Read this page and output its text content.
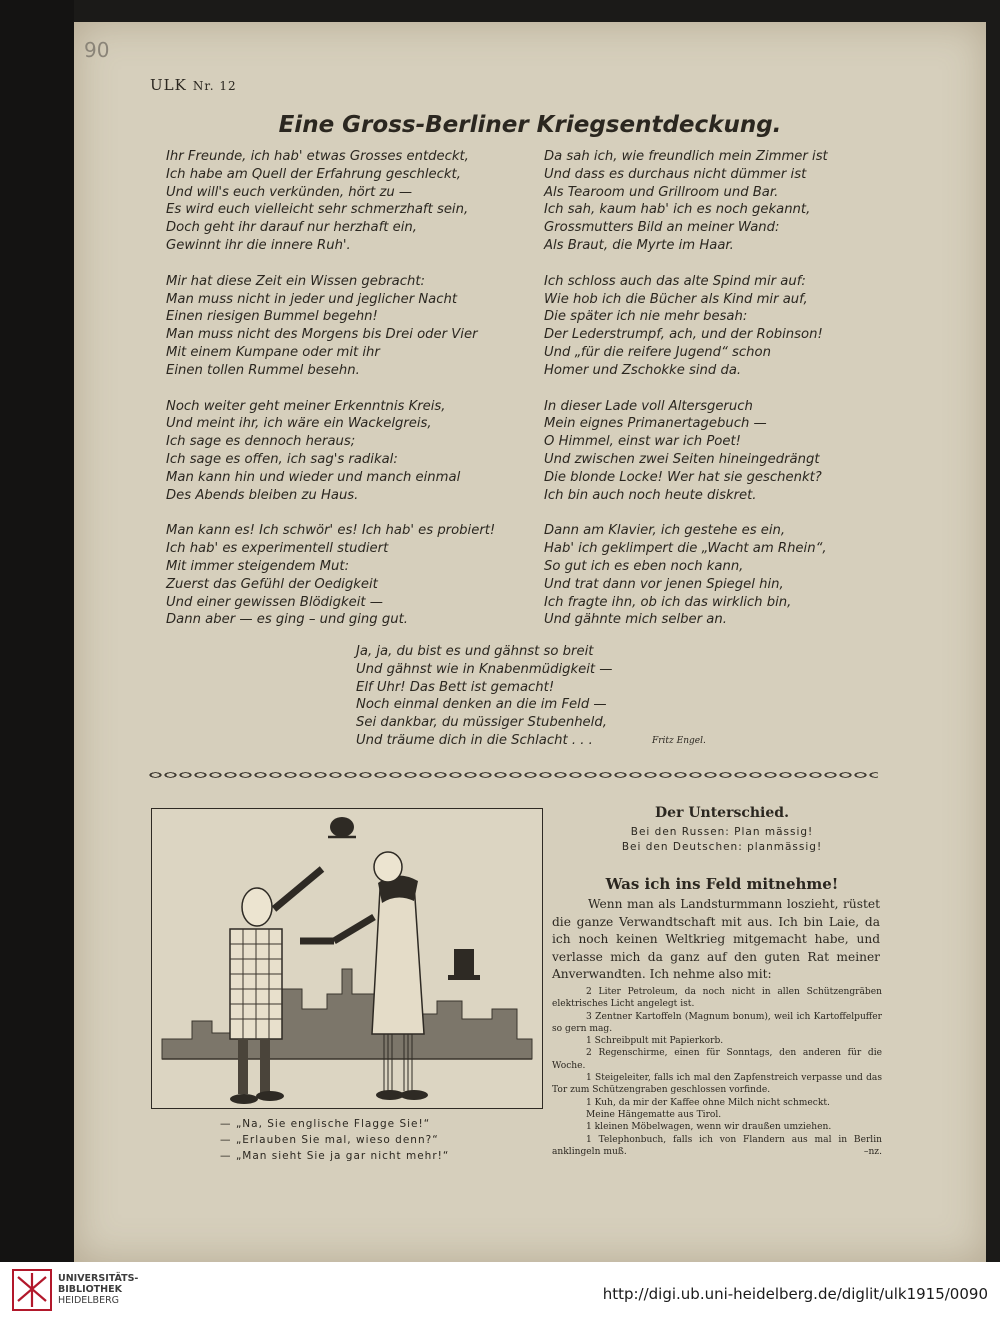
90
ULK Nr. 12
Eine Gross-Berliner Kriegsentdeckung.
Ihr Freunde, ich hab' etwas Grosses entdeckt,
Ich habe am Quell der Erfahrung geschleckt,
Und will's euch verkünden, hört zu —
Es wird euch vielleicht sehr schmerzhaft sein,
Doch geht ihr darauf nur herzhaft ein,
Gewinnt ihr die innere Ruh'.
Mir hat diese Zeit ein Wissen gebracht:
Man muss nicht in jeder und jeglicher Nacht
Einen riesigen Bummel begehn!
Man muss nicht des Morgens bis Drei oder Vier
Mit einem Kumpane oder mit ihr
Einen tollen Rummel besehn.
Noch weiter geht meiner Erkenntnis Kreis,
Und meint ihr, ich wäre ein Wackelgreis,
Ich sage es dennoch heraus;
Ich sage es offen, ich sag's radikal:
Man kann hin und wieder und manch einmal
Des Abends bleiben zu Haus.
Man kann es! Ich schwör' es! Ich hab' es probiert!
Ich hab' es experimentell studiert
Mit immer steigendem Mut:
Zuerst das Gefühl der Oedigkeit
Und einer gewissen Blödigkeit —
Dann aber — es ging – und ging gut.
Da sah ich, wie freundlich mein Zimmer ist
Und dass es durchaus nicht dümmer ist
Als Tearoom und Grillroom und Bar.
Ich sah, kaum hab' ich es noch gekannt,
Grossmutters Bild an meiner Wand:
Als Braut, die Myrte im Haar.
Ich schloss auch das alte Spind mir auf:
Wie hob ich die Bücher als Kind mir auf,
Die später ich nie mehr besah:
Der Lederstrumpf, ach, und der Robinson!
Und „für die reifere Jugend“ schon
Homer und Zschokke sind da.
In dieser Lade voll Altersgeruch
Mein eignes Primanertagebuch —
O Himmel, einst war ich Poet!
Und zwischen zwei Seiten hineingedrängt
Die blonde Locke! Wer hat sie geschenkt?
Ich bin auch noch heute diskret.
Dann am Klavier, ich gestehe es ein,
Hab' ich geklimpert die „Wacht am Rhein“,
So gut ich es eben noch kann,
Und trat dann vor jenen Spiegel hin,
Ich fragte ihn, ob ich das wirklich bin,
Und gähnte mich selber an.
Ja, ja, du bist es und gähnst so breit
Und gähnst wie in Knabenmüdigkeit —
Elf Uhr! Das Bett ist gemacht!
Noch einmal denken an die im Feld —
Sei dankbar, du müssiger Stubenheld,
Und träume dich in die Schlacht . . .	Fritz Engel.
— „Na, Sie englische Flagge Sie!“
— „Erlauben Sie mal, wieso denn?“
— „Man sieht Sie ja gar nicht mehr!“
Der Unterschied.
Bei den Russen: Plan mässig!
Bei den Deutschen: planmässig!
Was ich ins Feld mitnehme!
Wenn man als Landsturmmann loszieht, rüstet die ganze Verwandtschaft mit aus. Ich bin Laie, da ich noch keinen Weltkrieg mitgemacht habe, und verlasse mich da ganz auf den guten Rat meiner Anverwandten. Ich nehme also mit:
2 Liter Petroleum, da noch nicht in allen Schützengräben elektrisches Licht angelegt ist.
3 Zentner Kartoffeln (Magnum bonum), weil ich Kartoffelpuffer so gern mag.
1 Schreibpult mit Papierkorb.
2 Regenschirme, einen für Sonntags, den anderen für die Woche.
1 Steigeleiter, falls ich mal den Zapfenstreich verpasse und das Tor zum Schützengraben geschlossen vorfinde.
1 Kuh, da mir der Kaffee ohne Milch nicht schmeckt.
Meine Hängematte aus Tirol.
1 kleinen Möbelwagen, wenn wir draußen umziehen.
1 Telephonbuch, falls ich von Flandern aus mal in Berlin anklingeln muß.	–nz.
UNIVERSITÄTS-
BIBLIOTHEK
HEIDELBERG	http://digi.ub.uni-heidelberg.de/diglit/ulk1915/0090
